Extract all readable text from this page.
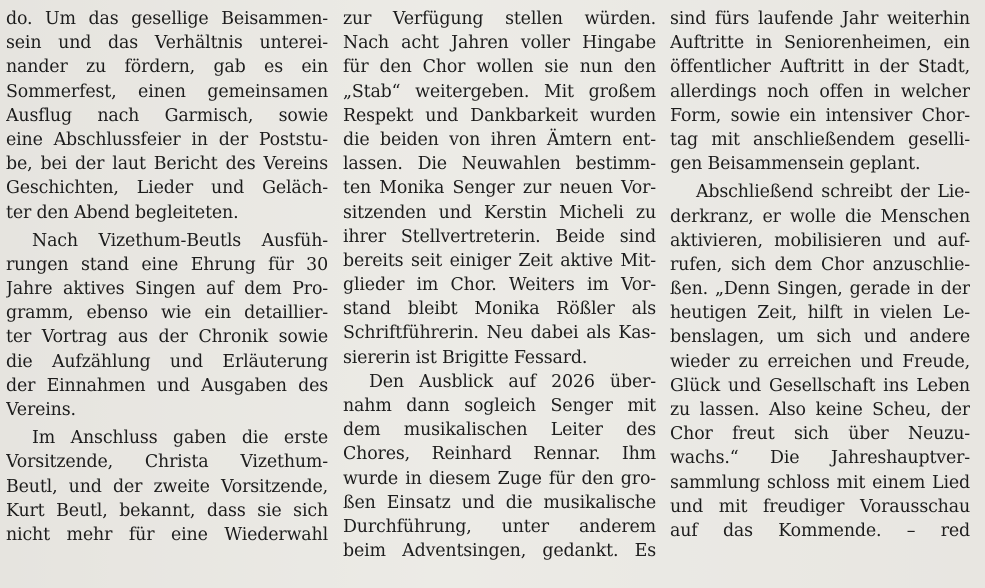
do. Um das gesellige Beisammen-
sein und das Verhältnis unterei-
nander zu fördern, gab es ein
Sommerfest, einen gemeinsamen
Ausflug nach Garmisch, sowie
eine Abschlussfeier in der Poststu-
be, bei der laut Bericht des Vereins
Geschichten, Lieder und Geläch-
ter den Abend begleiteten.
Nach Vizethum-Beutls Ausfüh-
rungen stand eine Ehrung für 30
Jahre aktives Singen auf dem Pro-
gramm, ebenso wie ein detaillier-
ter Vortrag aus der Chronik sowie
die Aufzählung und Erläuterung
der Einnahmen und Ausgaben des
Vereins.
Im Anschluss gaben die erste
Vorsitzende, Christa Vizethum-
Beutl, und der zweite Vorsitzende,
Kurt Beutl, bekannt, dass sie sich
nicht mehr für eine Wiederwahl
zur Verfügung stellen würden.
Nach acht Jahren voller Hingabe
für den Chor wollen sie nun den
„Stab“ weitergeben. Mit großem
Respekt und Dankbarkeit wurden
die beiden von ihren Ämtern ent-
lassen. Die Neuwahlen bestimm-
ten Monika Senger zur neuen Vor-
sitzenden und Kerstin Micheli zu
ihrer Stellvertreterin. Beide sind
bereits seit einiger Zeit aktive Mit-
glieder im Chor. Weiters im Vor-
stand bleibt Monika Rößler als
Schriftführerin. Neu dabei als Kas-
siererin ist Brigitte Fessard.
Den Ausblick auf 2026 über-
nahm dann sogleich Senger mit
dem musikalischen Leiter des
Chores, Reinhard Rennar. Ihm
wurde in diesem Zuge für den gro-
ßen Einsatz und die musikalische
Durchführung, unter anderem
beim Adventsingen, gedankt. Es
sind fürs laufende Jahr weiterhin
Auftritte in Seniorenheimen, ein
öffentlicher Auftritt in der Stadt,
allerdings noch offen in welcher
Form, sowie ein intensiver Chor-
tag mit anschließendem geselli-
gen Beisammensein geplant.
Abschließend schreibt der Lie-
derkranz, er wolle die Menschen
aktivieren, mobilisieren und auf-
rufen, sich dem Chor anzuschlie-
ßen. „Denn Singen, gerade in der
heutigen Zeit, hilft in vielen Le-
benslagen, um sich und andere
wieder zu erreichen und Freude,
Glück und Gesellschaft ins Leben
zu lassen. Also keine Scheu, der
Chor freut sich über Neuzu-
wachs.“ Die Jahreshauptver-
sammlung schloss mit einem Lied
und mit freudiger Vorausschau
auf das Kommende. – red
